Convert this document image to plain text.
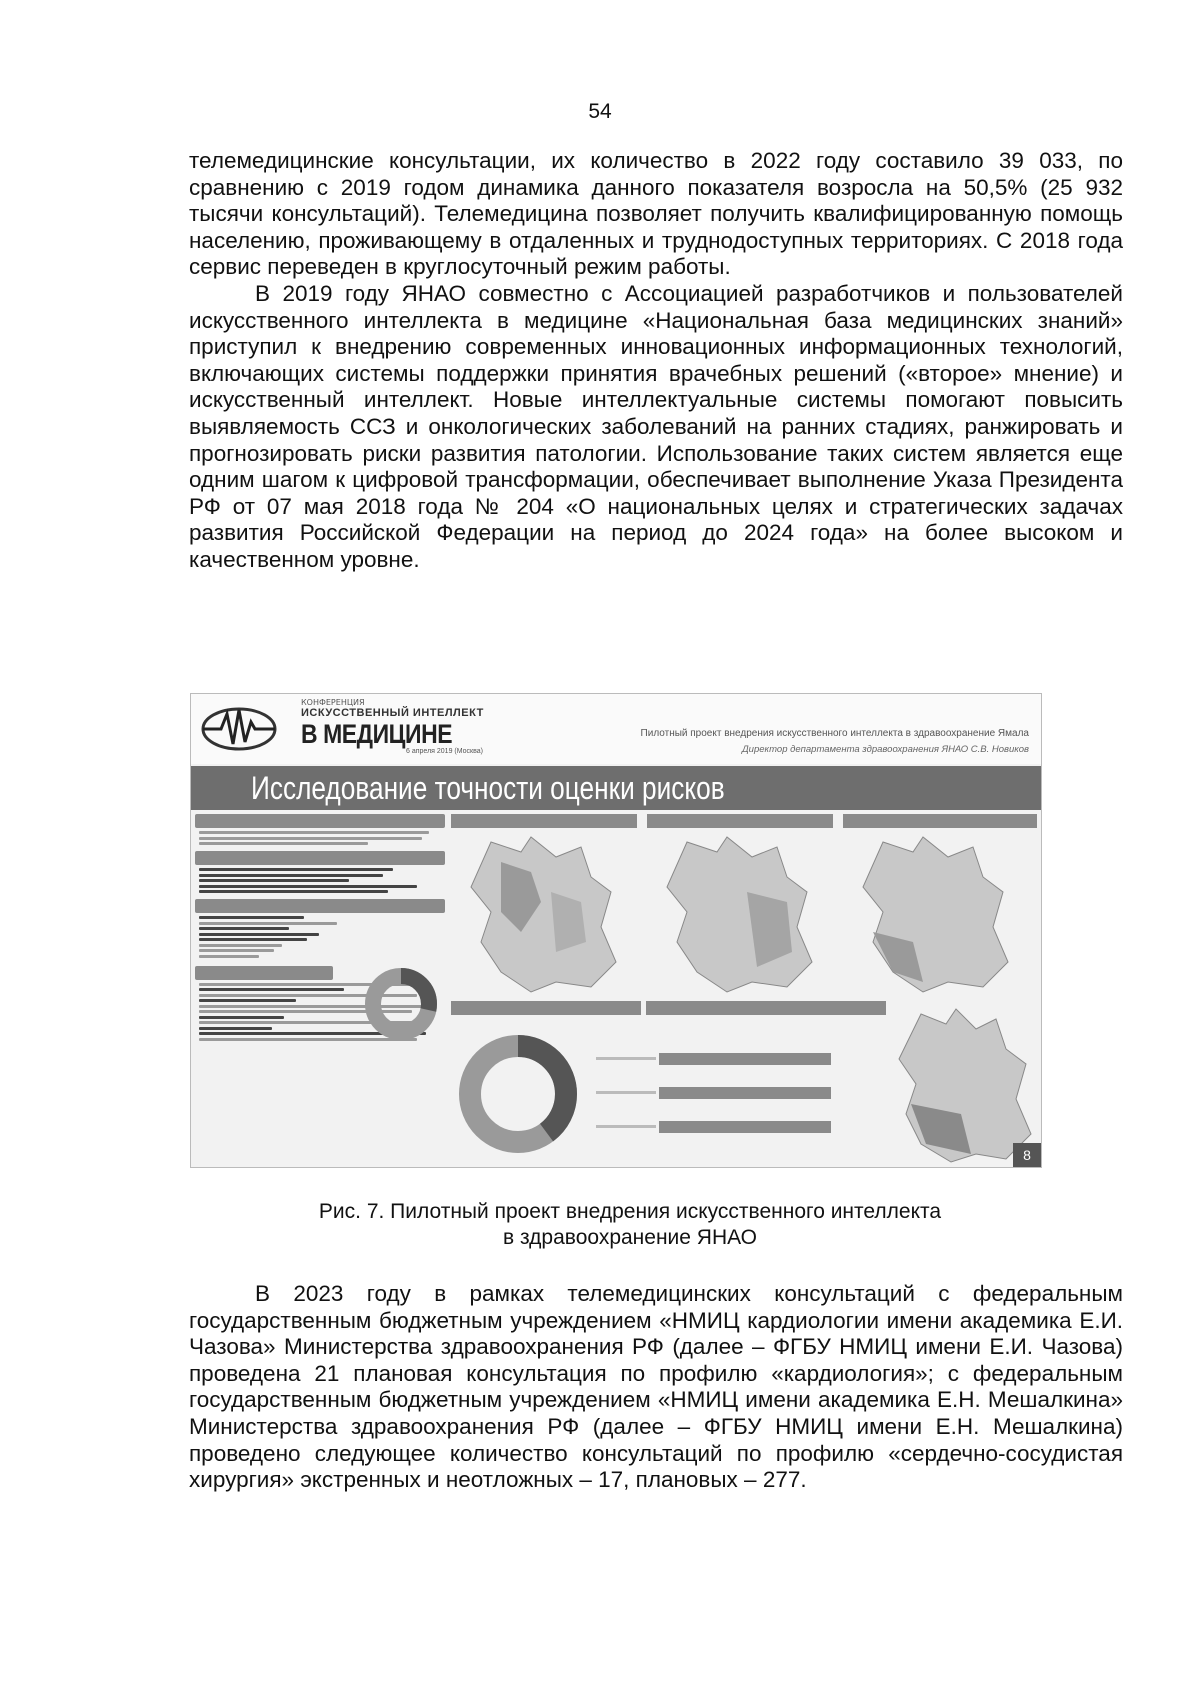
54

телемедицинские консультации, их количество в 2022 году составило 39 033, по сравнению с 2019 годом динамика данного показателя возросла на 50,5% (25 932 тысячи консультаций). Телемедицина позволяет получить квалифицированную помощь населению, проживающему в отдаленных и труднодоступных территориях. С 2018 года сервис переведен в круглосуточный режим работы.

В 2019 году ЯНАО совместно с Ассоциацией разработчиков и пользователей искусственного интеллекта в медицине «Национальная база медицинских знаний» приступил к внедрению современных инновационных информационных технологий, включающих системы поддержки принятия врачебных решений («второе» мнение) и искусственный интеллект. Новые интеллектуальные системы помогают повысить выявляемость ССЗ и онкологических заболеваний на ранних стадиях, ранжировать и прогнозировать риски развития патологии. Использование таких систем является еще одним шагом к цифровой трансформации, обеспечивает выполнение Указа Президента РФ от 07 мая 2018 года № 204 «О национальных целях и стратегических задачах развития Российской Федерации на период до 2024 года» на более высоком и качественном уровне.

КОНФЕРЕНЦИЯ
ИСКУССТВЕННЫЙ ИНТЕЛЛЕКТ
В МЕДИЦИНЕ
6 апреля 2019 (Москва)
Пилотный проект внедрения искусственного интеллекта в здравоохранение Ямала
Директор департамента здравоохранения ЯНАО С.В. Новиков
Исследование точности оценки рисков
8
Рис. 7. Пилотный проект внедрения искусственного интеллекта
в здравоохранение ЯНАО

В 2023 году в рамках телемедицинских консультаций с федеральным государственным бюджетным учреждением «НМИЦ кардиологии имени академика Е.И. Чазова» Министерства здравоохранения РФ (далее – ФГБУ НМИЦ имени Е.И. Чазова) проведена 21 плановая консультация по профилю «кардиология»; с федеральным государственным бюджетным учреждением «НМИЦ имени академика Е.Н. Мешалкина» Министерства здравоохранения РФ (далее – ФГБУ НМИЦ имени Е.Н. Мешалкина) проведено следующее количество консультаций по профилю «сердечно-сосудистая хирургия» экстренных и неотложных – 17, плановых – 277.
